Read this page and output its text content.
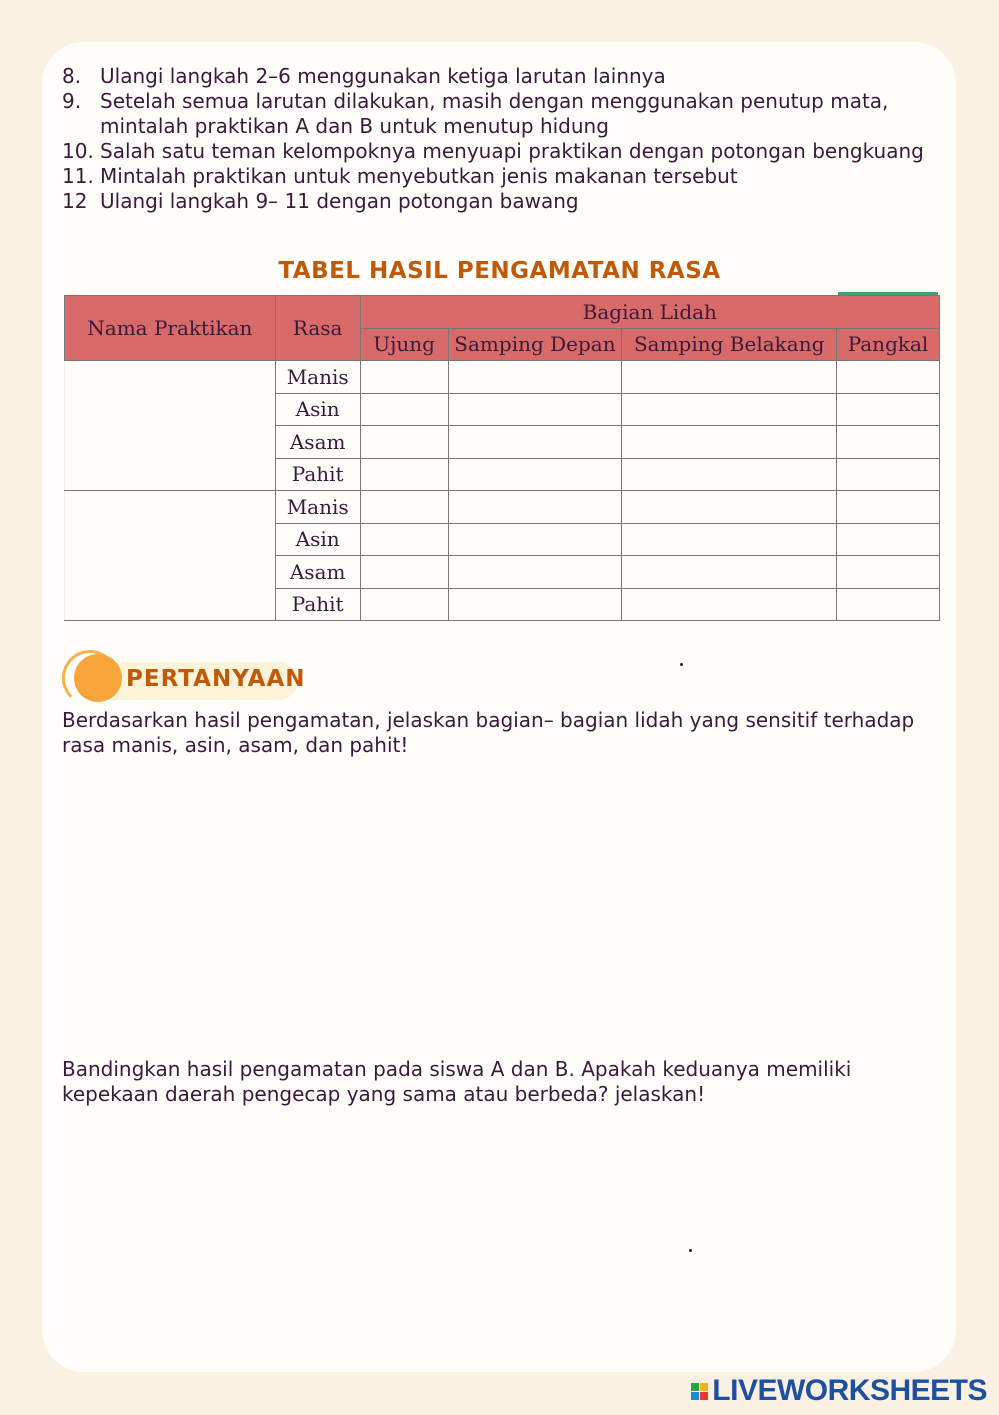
8. Ulangi langkah 2–6 menggunakan ketiga larutan lainnya
9. Setelah semua larutan dilakukan, masih dengan menggunakan penutup mata, mintalah praktikan A dan B untuk menutup hidung
10. Salah satu teman kelompoknya menyuapi praktikan dengan potongan bengkuang
11. Mintalah praktikan untuk menyebutkan jenis makanan tersebut
12 Ulangi langkah 9– 11 dengan potongan bawang
TABEL HASIL PENGAMATAN RASA
Nama Praktikan	Rasa	Bagian Lidah			
		Ujung	Samping Depan	Samping Belakang	Pangkal
	Manis				
	Asin				
	Asam				
	Pahit				
	Manis				
	Asin				
	Asam				
	Pahit				
PERTANYAAN
Berdasarkan hasil pengamatan, jelaskan bagian– bagian lidah yang sensitif terhadap rasa manis, asin, asam, dan pahit!
Bandingkan hasil pengamatan pada siswa A dan B. Apakah keduanya memiliki kepekaan daerah pengecap yang sama atau berbeda? jelaskan!
LIVEWORKSHEETS
